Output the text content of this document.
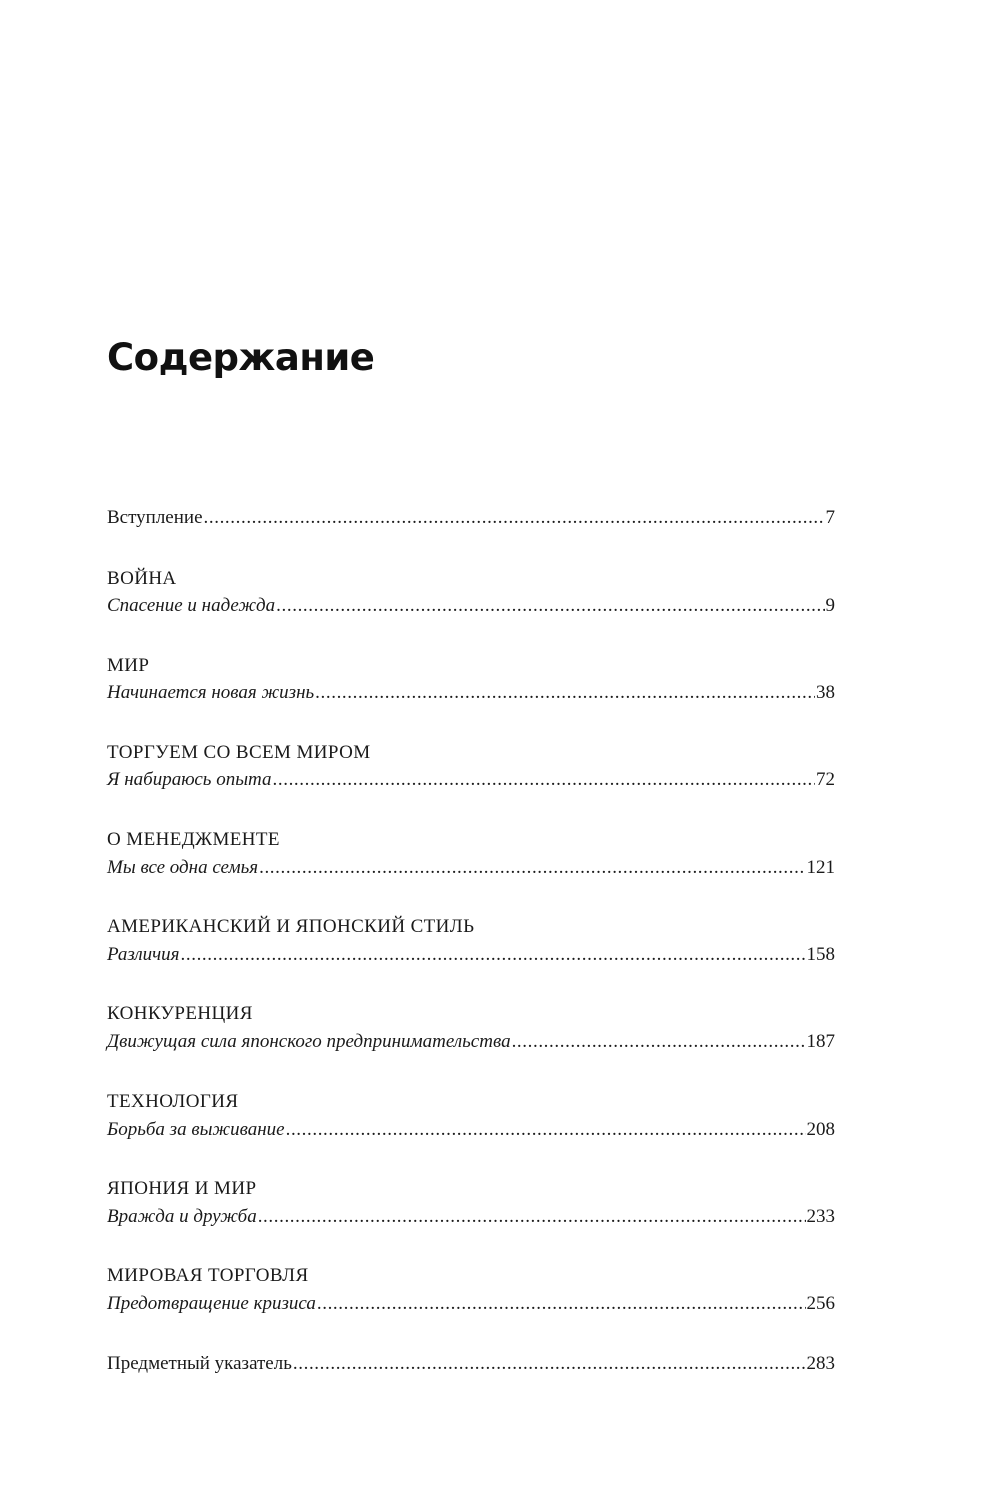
Содержание
Вступление .....	7
ВОЙНА
Спасение и надежда .....	9
МИР
Начинается новая жизнь .....	38
ТОРГУЕМ СО ВСЕМ МИРОМ
Я набираюсь опыта .....	72
О МЕНЕДЖМЕНТЕ
Мы все одна семья .....	121
АМЕРИКАНСКИЙ И ЯПОНСКИЙ СТИЛЬ
Различия .....	158
КОНКУРЕНЦИЯ
Движущая сила японского предпринимательства .....	187
ТЕХНОЛОГИЯ
Борьба за выживание .....	208
ЯПОНИЯ И МИР
Вражда и дружба .....	233
МИРОВАЯ ТОРГОВЛЯ
Предотвращение кризиса .....	256
Предметный указатель .....	283
